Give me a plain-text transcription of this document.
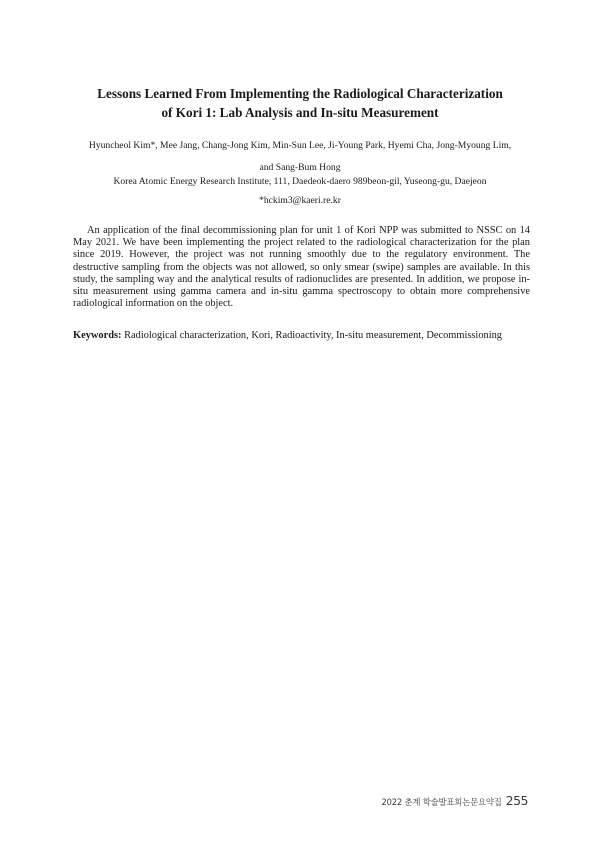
Lessons Learned From Implementing the Radiological Characterization
of Kori 1: Lab Analysis and In-situ Measurement
Hyuncheol Kim*, Mee Jang, Chang-Jong Kim, Min-Sun Lee, Ji-Young Park, Hyemi Cha, Jong-Myoung Lim,
and Sang-Bum Hong
Korea Atomic Energy Research Institute, 111, Daedeok-daero 989beon-gil, Yuseong-gu, Daejeon
*hckim3@kaeri.re.kr

An application of the final decommissioning plan for unit 1 of Kori NPP was submitted to NSSC on 14 May 2021. We have been implementing the project related to the radiological characterization for the plan since 2019. However, the project was not running smoothly due to the regulatory environment. The destructive sampling from the objects was not allowed, so only smear (swipe) samples are available. In this study, the sampling way and the analytical results of radionuclides are presented. In addition, we propose in-situ measurement using gamma camera and in-situ gamma spectroscopy to obtain more comprehensive radiological information on the object.

Keywords: Radiological characterization, Kori, Radioactivity, In-situ measurement, Decommissioning

2022 춘계 학술발표회논문요약집 255
